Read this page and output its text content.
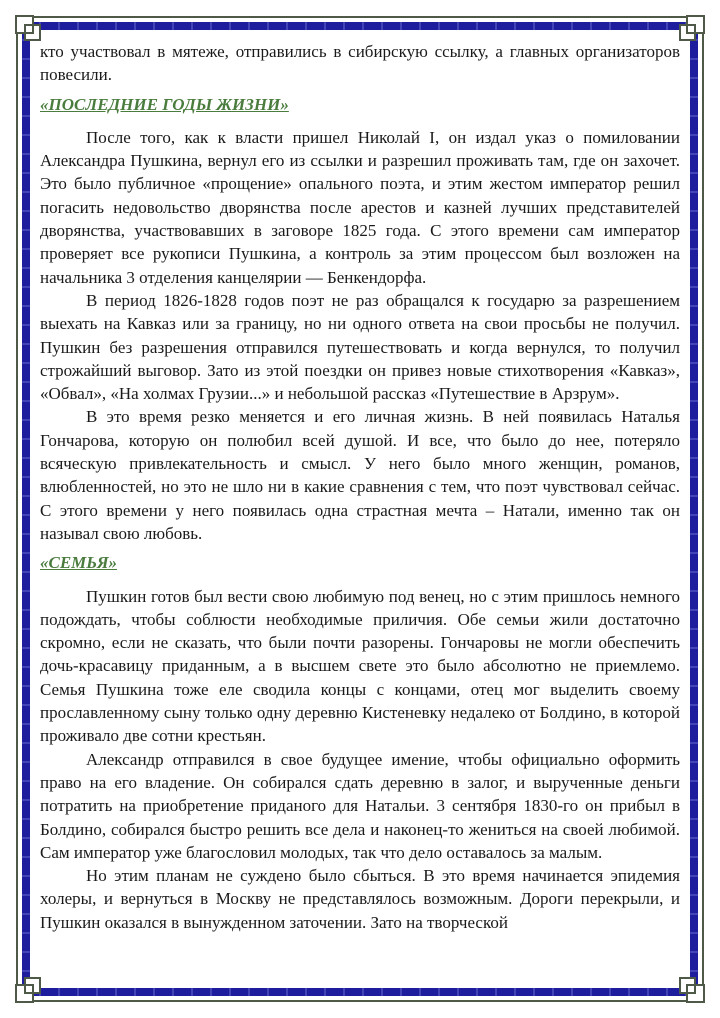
кто участвовал в мятеже, отправились в сибирскую ссылку, а главных организаторов повесили.

«ПОСЛЕДНИЕ ГОДЫ ЖИЗНИ»

После того, как к власти пришел Николай I, он издал указ о помиловании Александра Пушкина, вернул его из ссылки и разрешил проживать там, где он захочет. Это было публичное «прощение» опального поэта, и этим жестом император решил погасить недовольство дворянства после арестов и казней лучших представителей дворянства, участвовавших в заговоре 1825 года. С этого времени сам император проверяет все рукописи Пушкина, а контроль за этим процессом был возложен на начальника 3 отделения канцелярии — Бенкендорфа.

В период 1826-1828 годов поэт не раз обращался к государю за разрешением выехать на Кавказ или за границу, но ни одного ответа на свои просьбы не получил. Пушкин без разрешения отправился путешествовать и когда вернулся, то получил строжайший выговор. Зато из этой поездки он привез новые стихотворения «Кавказ», «Обвал», «На холмах Грузии...» и небольшой рассказ «Путешествие в Арзрум».

В это время резко меняется и его личная жизнь. В ней появилась Наталья Гончарова, которую он полюбил всей душой. И все, что было до нее, потеряло всяческую привлекательность и смысл. У него было много женщин, романов, влюбленностей, но это не шло ни в какие сравнения с тем, что поэт чувствовал сейчас. С этого времени у него появилась одна страстная мечта – Натали, именно так он называл свою любовь.

«СЕМЬЯ»

Пушкин готов был вести свою любимую под венец, но с этим пришлось немного подождать, чтобы соблюсти необходимые приличия. Обе семьи жили достаточно скромно, если не сказать, что были почти разорены. Гончаровы не могли обеспечить дочь-красавицу приданным, а в высшем свете это было абсолютно не приемлемо. Семья Пушкина тоже еле сводила концы с концами, отец мог выделить своему прославленному сыну только одну деревню Кистеневку недалеко от Болдино, в которой проживало две сотни крестьян.

Александр отправился в свое будущее имение, чтобы официально оформить право на его владение. Он собирался сдать деревню в залог, и вырученные деньги потратить на приобретение приданого для Натальи. 3 сентября 1830-го он прибыл в Болдино, собирался быстро решить все дела и наконец-то жениться на своей любимой. Сам император уже благословил молодых, так что дело оставалось за малым.

Но этим планам не суждено было сбыться. В это время начинается эпидемия холеры, и вернуться в Москву не представлялось возможным. Дороги перекрыли, и Пушкин оказался в вынужденном заточении. Зато на творческой
